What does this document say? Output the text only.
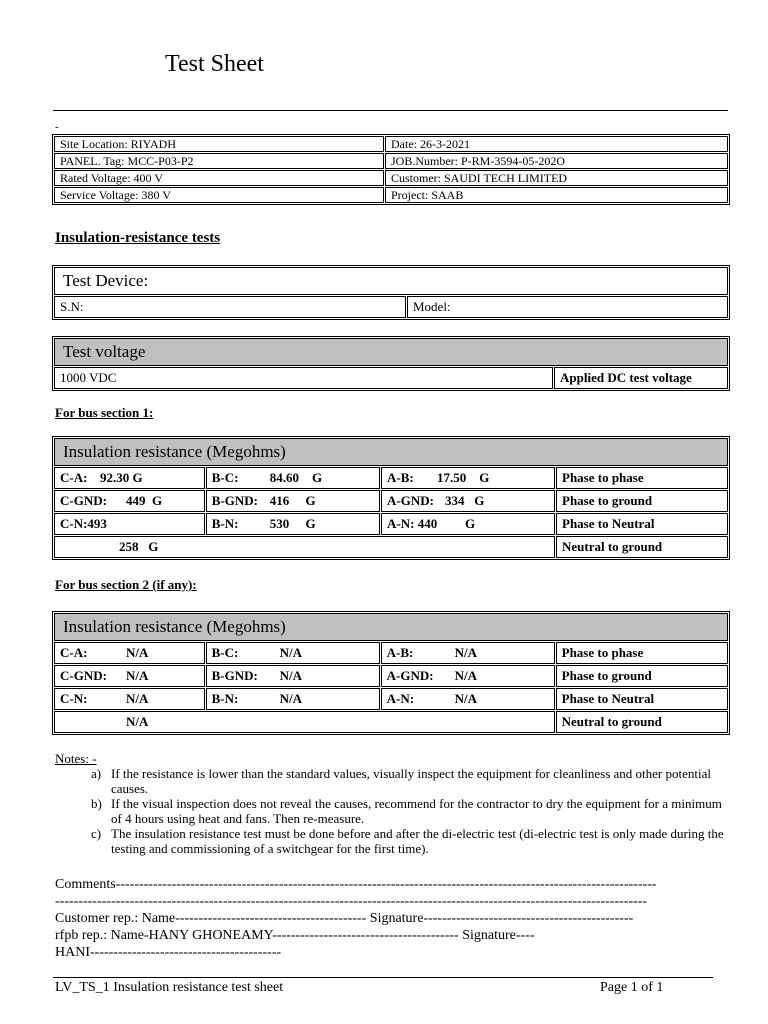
Test Sheet
-
Site Location: RIYADH	Date: 26-3-2021
PANEL. Tag: MCC-P03-P2	JOB.Number: P-RM-3594-05-202O
Rated Voltage: 400 V	Customer: SAUDI TECH LIMITED
Service Voltage: 380 V	Project: SAAB
Insulation-resistance tests
Test Device:
S.N:	Model:
Test voltage
1000 VDC	Applied DC test voltage
For bus section 1:
Insulation resistance (Megohms)			
C-A: 92.30 G	B-C: 84.60    G	A-B: 17.50    G	Phase to phase
C-GND: 449  G	B-GND: 416     G	A-GND: 334   G	Phase to ground
C-N:493	B-N: 530     G	A-N: 440 G	Phase to Neutral
258   G			Neutral to ground
For bus section 2 (if any):
Insulation resistance (Megohms)			
C-A: N/A	B-C: N/A	A-B: N/A	Phase to phase
C-GND: N/A	B-GND: N/A	A-GND: N/A	Phase to ground
C-N: N/A	B-N: N/A	A-N: N/A	Phase to Neutral
N/A			Neutral to ground
Notes: -
a) If the resistance is lower than the standard values, visually inspect the equipment for cleanliness and other potential causes.
b) If the visual inspection does not reveal the causes, recommend for the contractor to dry the equipment for a minimum of 4 hours using heat and fans. Then re-measure.
c) The insulation resistance test must be done before and after the di-electric test (di-electric test is only made during the testing and commissioning of a switchgear for the first time).
Comments--------------------------------------------------------------------------------------------------------------------
-------------------------------------------------------------------------------------------------------------------------------
Customer rep.: Name----------------------------------------- Signature---------------------------------------------
rfpb rep.: Name-HANY GHONEAMY---------------------------------------- Signature----
HANI-----------------------------------------
LV_TS_1 Insulation resistance test sheet	Page 1 of 1
